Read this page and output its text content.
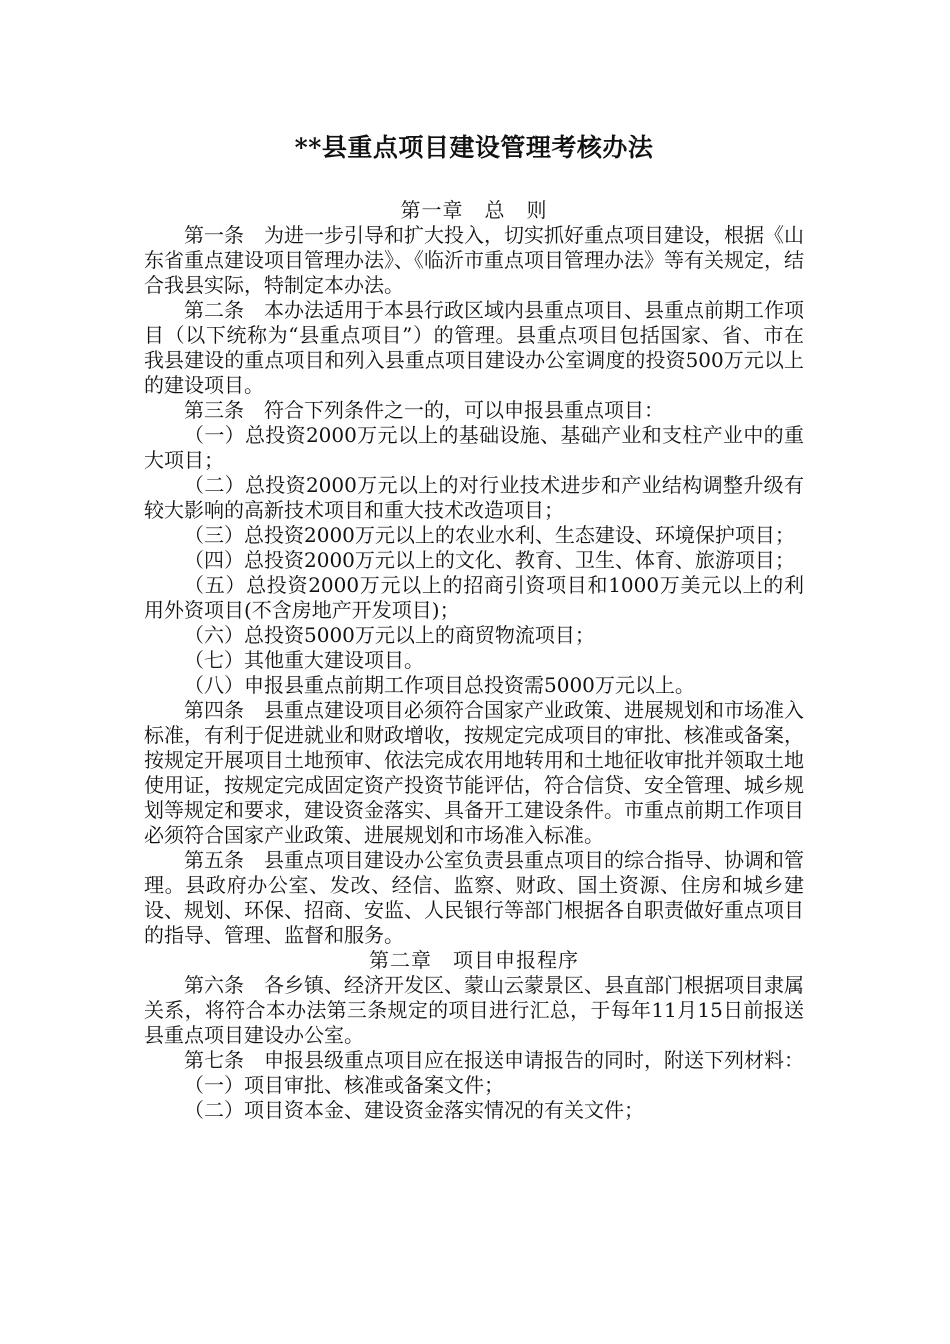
**县重点项目建设管理考核办法

第一章　总　则

第一条　为进一步引导和扩大投入，切实抓好重点项目建设，根据《山东省重点建设项目管理办法》、《临沂市重点项目管理办法》等有关规定，结合我县实际，特制定本办法。

第二条　本办法适用于本县行政区域内县重点项目、县重点前期工作项目（以下统称为“县重点项目”）的管理。县重点项目包括国家、省、市在我县建设的重点项目和列入县重点项目建设办公室调度的投资500万元以上的建设项目。

第三条　符合下列条件之一的，可以申报县重点项目：

（一）总投资2000万元以上的基础设施、基础产业和支柱产业中的重大项目；

（二）总投资2000万元以上的对行业技术进步和产业结构调整升级有较大影响的高新技术项目和重大技术改造项目；

（三）总投资2000万元以上的农业水利、生态建设、环境保护项目；

（四）总投资2000万元以上的文化、教育、卫生、体育、旅游项目；

（五）总投资2000万元以上的招商引资项目和1000万美元以上的利用外资项目(不含房地产开发项目)；

（六）总投资5000万元以上的商贸物流项目；

（七）其他重大建设项目。

（八）申报县重点前期工作项目总投资需5000万元以上。

第四条　县重点建设项目必须符合国家产业政策、进展规划和市场准入标准，有利于促进就业和财政增收，按规定完成项目的审批、核准或备案，按规定开展项目土地预审、依法完成农用地转用和土地征收审批并领取土地使用证，按规定完成固定资产投资节能评估，符合信贷、安全管理、城乡规划等规定和要求，建设资金落实、具备开工建设条件。市重点前期工作项目必须符合国家产业政策、进展规划和市场准入标准。

第五条　县重点项目建设办公室负责县重点项目的综合指导、协调和管理。县政府办公室、发改、经信、监察、财政、国土资源、住房和城乡建设、规划、环保、招商、安监、人民银行等部门根据各自职责做好重点项目的指导、管理、监督和服务。

第二章　项目申报程序

第六条　各乡镇、经济开发区、蒙山云蒙景区、县直部门根据项目隶属关系，将符合本办法第三条规定的项目进行汇总，于每年11月15日前报送县重点项目建设办公室。

第七条　申报县级重点项目应在报送申请报告的同时，附送下列材料：

（一）项目审批、核准或备案文件；

（二）项目资本金、建设资金落实情况的有关文件；
